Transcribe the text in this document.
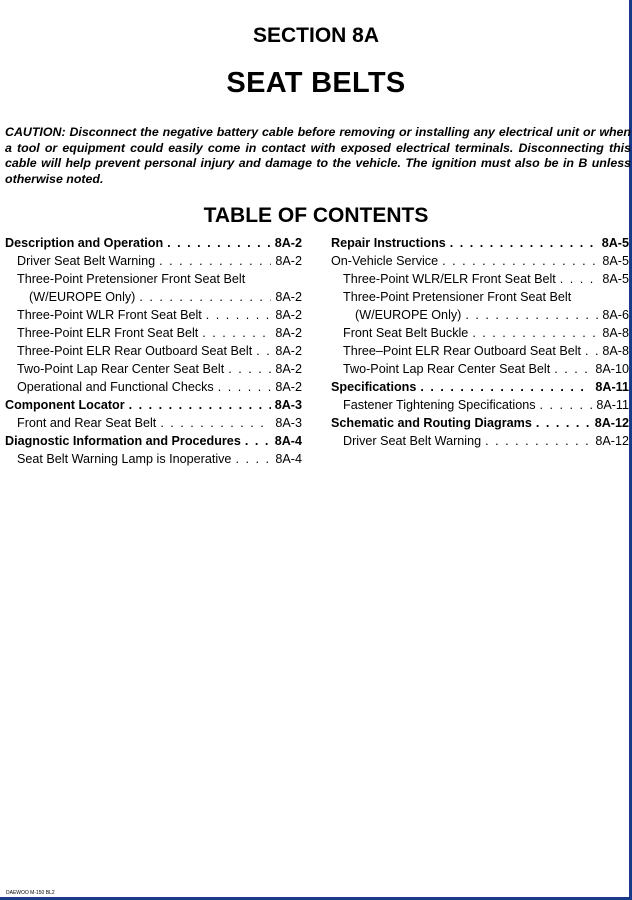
SECTION 8A
SEAT BELTS
CAUTION: Disconnect the negative battery cable before removing or installing any electrical unit or when a tool or equipment could easily come in contact with exposed electrical terminals. Disconnecting this cable will help prevent personal injury and damage to the vehicle. The ignition must also be in B unless otherwise noted.
TABLE OF CONTENTS
Description and Operation . . .	8A-2
Driver Seat Belt Warning . . .	8A-2
Three-Point Pretensioner Front Seat Belt
(W/EUROPE Only) . . .	8A-2
Three-Point WLR Front Seat Belt . . .	8A-2
Three-Point ELR Front Seat Belt . . .	8A-2
Three-Point ELR Rear Outboard Seat Belt . . . 8A-2
Two-Point Lap Rear Center Seat Belt . . .	8A-2
Operational and Functional Checks . . .	8A-2
Component Locator . . .	8A-3
Front and Rear Seat Belt . . .	8A-3
Diagnostic Information and Procedures . . .	8A-4
Seat Belt Warning Lamp is Inoperative . . .	8A-4
Repair Instructions . . .	8A-5
On-Vehicle Service . . .	8A-5
Three-Point WLR/ELR Front Seat Belt . . .	8A-5
Three-Point Pretensioner Front Seat Belt
(W/EUROPE Only) . . .	8A-6
Front Seat Belt Buckle . . .	8A-8
Three–Point ELR Rear Outboard Seat Belt . . . 8A-8
Two-Point Lap Rear Center Seat Belt . . .	8A-10
Specifications . . .	8A-11
Fastener Tightening Specifications . . .	8A-11
Schematic and Routing Diagrams . . .	8A-12
Driver Seat Belt Warning . . .	8A-12
DAEWOO M-150 BL2
